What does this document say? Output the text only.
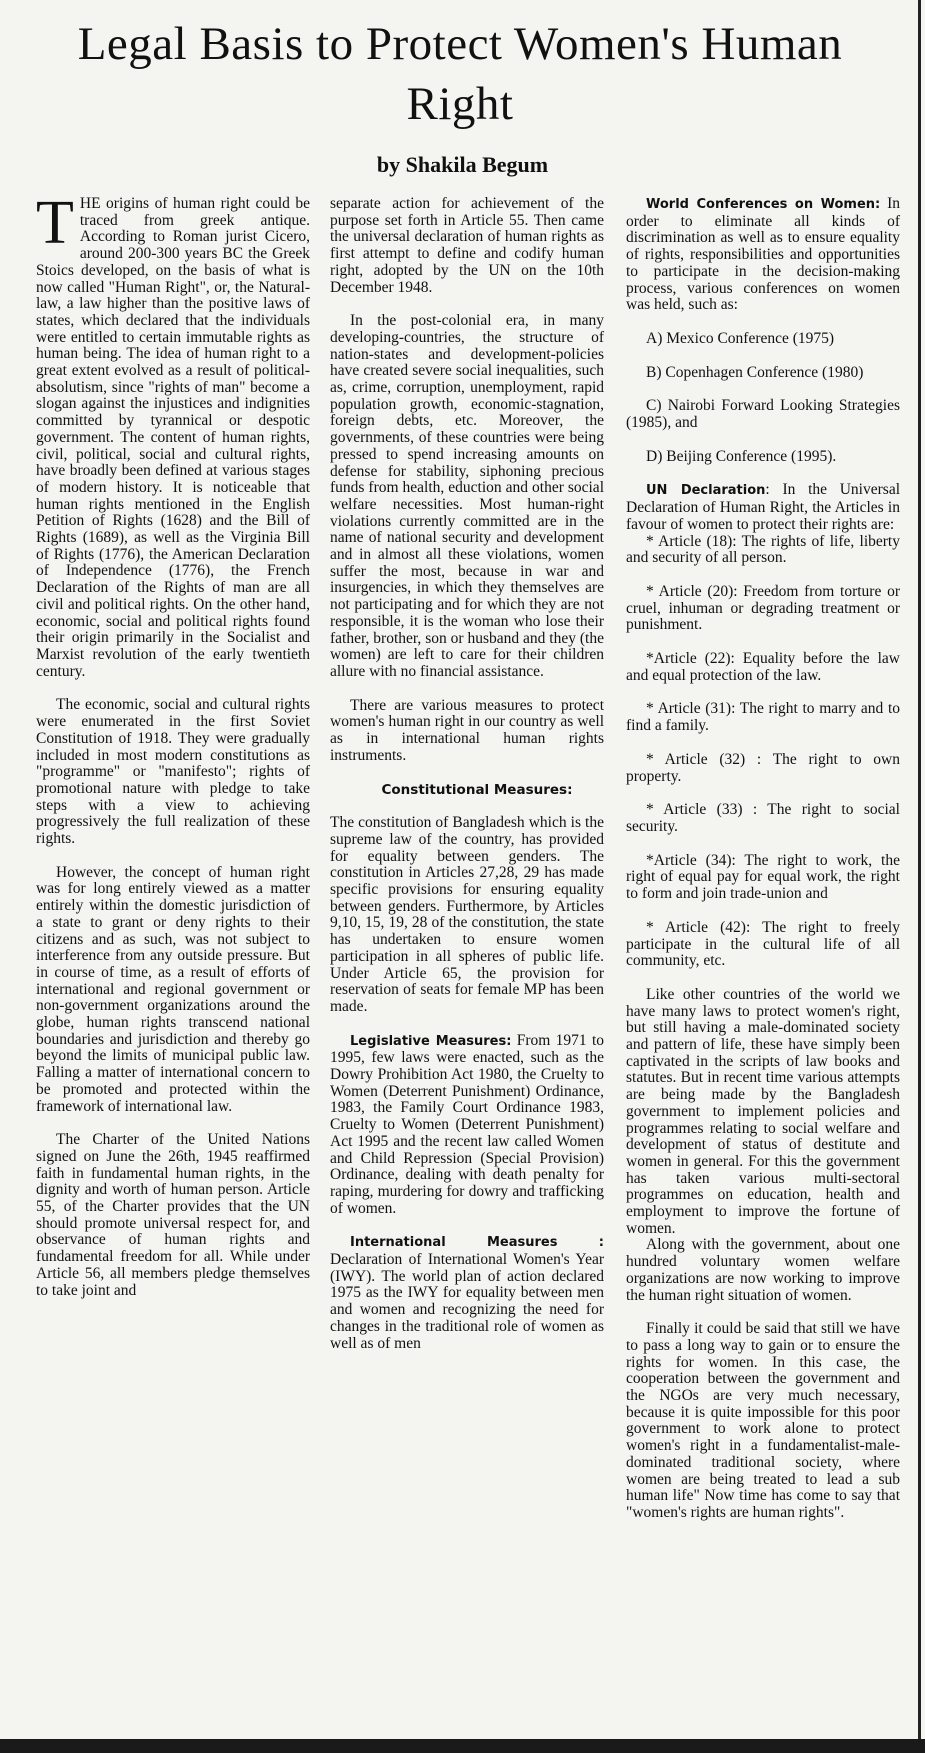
Legal Basis to Protect Women's Human Right

by Shakila Begum

THE origins of human right could be traced from greek antique. According to Roman jurist Cicero, around 200-300 years BC the Greek Stoics developed, on the basis of what is now called "Human Right", or, the Natural-law, a law higher than the positive laws of states, which declared that the individuals were entitled to certain immutable rights as human being. The idea of human right to a great extent evolved as a result of political-absolutism, since "rights of man" become a slogan against the injustices and indignities committed by tyrannical or despotic government. The content of human rights, civil, political, social and cultural rights, have broadly been defined at various stages of modern history. It is noticeable that human rights mentioned in the English Petition of Rights (1628) and the Bill of Rights (1689), as well as the Virginia Bill of Rights (1776), the American Declaration of Independence (1776), the French Declaration of the Rights of man are all civil and political rights. On the other hand, economic, social and political rights found their origin primarily in the Socialist and Marxist revolution of the early twentieth century.

The economic, social and cultural rights were enumerated in the first Soviet Constitution of 1918. They were gradually included in most modern constitutions as "programme" or "manifesto"; rights of promotional nature with pledge to take steps with a view to achieving progressively the full realization of these rights.

However, the concept of human right was for long entirely viewed as a matter entirely within the domestic jurisdiction of a state to grant or deny rights to their citizens and as such, was not subject to interference from any outside pressure. But in course of time, as a result of efforts of international and regional government or non-government organizations around the globe, human rights transcend national boundaries and jurisdiction and thereby go beyond the limits of municipal public law. Falling a matter of international concern to be promoted and protected within the framework of international law.

The Charter of the United Nations signed on June the 26th, 1945 reaffirmed faith in fundamental human rights, in the dignity and worth of human person. Article 55, of the Charter provides that the UN should promote universal respect for, and observance of human rights and fundamental freedom for all. While under Article 56, all members pledge themselves to take joint and

separate action for achievement of the purpose set forth in Article 55. Then came the universal declaration of human rights as first attempt to define and codify human right, adopted by the UN on the 10th December 1948.

In the post-colonial era, in many developing-countries, the structure of nation-states and development-policies have created severe social inequalities, such as, crime, corruption, unemployment, rapid population growth, economic-stagnation, foreign debts, etc. Moreover, the governments, of these countries were being pressed to spend increasing amounts on defense for stability, siphoning precious funds from health, eduction and other social welfare necessities. Most human-right violations currently committed are in the name of national security and development and in almost all these violations, women suffer the most, because in war and insurgencies, in which they themselves are not participating and for which they are not responsible, it is the woman who lose their father, brother, son or husband and they (the women) are left to care for their children allure with no financial assistance.

There are various measures to protect women's human right in our country as well as in international human rights instruments.

Constitutional Measures:

The constitution of Bangladesh which is the supreme law of the country, has provided for equality between genders. The constitution in Articles 27,28, 29 has made specific provisions for ensuring equality between genders. Furthermore, by Articles 9,10, 15, 19, 28 of the constitution, the state has undertaken to ensure women participation in all spheres of public life. Under Article 65, the provision for reservation of seats for female MP has been made.

Legislative Measures: From 1971 to 1995, few laws were enacted, such as the Dowry Prohibition Act 1980, the Cruelty to Women (Deterrent Punishment) Ordinance, 1983, the Family Court Ordinance 1983, Cruelty to Women (Deterrent Punishment) Act 1995 and the recent law called Women and Child Repression (Special Provision) Ordinance, dealing with death penalty for raping, murdering for dowry and trafficking of women.

International Measures : Declaration of International Women's Year (IWY). The world plan of action declared 1975 as the IWY for equality between men and women and recognizing the need for changes in the traditional role of women as well as of men

World Conferences on Women: In order to eliminate all kinds of discrimination as well as to ensure equality of rights, responsibilities and opportunities to participate in the decision-making process, various conferences on women was held, such as:

A) Mexico Conference (1975)

B) Copenhagen Conference (1980)

C) Nairobi Forward Looking Strategies (1985), and

D) Beijing Conference (1995).

UN Declaration: In the Universal Declaration of Human Right, the Articles in favour of women to protect their rights are:

* Article (18): The rights of life, liberty and security of all person.

* Article (20): Freedom from torture or cruel, inhuman or degrading treatment or punishment.

*Article (22): Equality before the law and equal protection of the law.

* Article (31): The right to marry and to find a family.

* Article (32) : The right to own property.

* Article (33) : The right to social security.

*Article (34): The right to work, the right of equal pay for equal work, the right to form and join trade-union and

* Article (42): The right to freely participate in the cultural life of all community, etc.

Like other countries of the world we have many laws to protect women's right, but still having a male-dominated society and pattern of life, these have simply been captivated in the scripts of law books and statutes. But in recent time various attempts are being made by the Bangladesh government to implement policies and programmes relating to social welfare and development of status of destitute and women in general. For this the government has taken various multi-sectoral programmes on education, health and employment to improve the fortune of women.

Along with the government, about one hundred voluntary women welfare organizations are now working to improve the human right situation of women.

Finally it could be said that still we have to pass a long way to gain or to ensure the rights for women. In this case, the cooperation between the government and the NGOs are very much necessary, because it is quite impossible for this poor government to work alone to protect women's right in a fundamentalist-male-dominated traditional society, where women are being treated to lead a sub human life" Now time has come to say that "women's rights are human rights".
